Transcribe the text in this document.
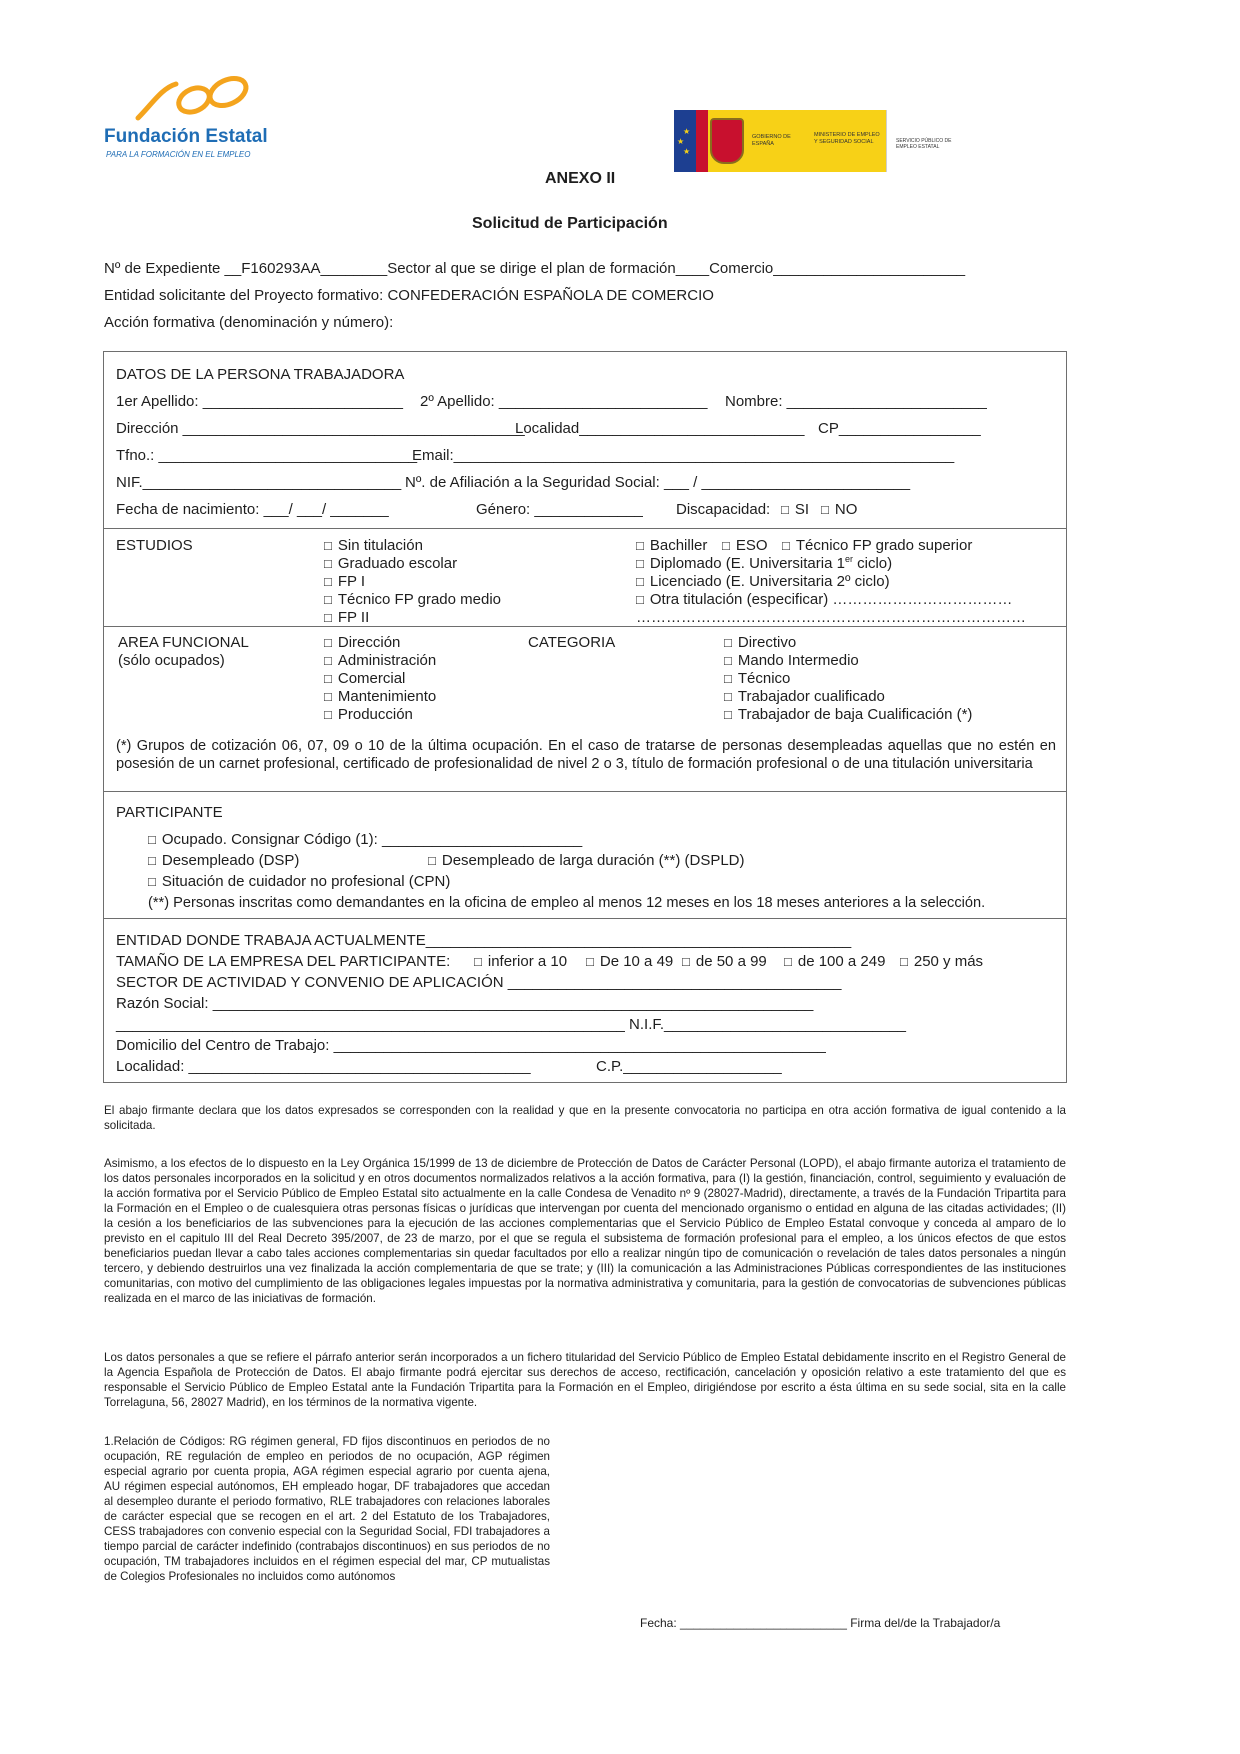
Fundación Estatal
PARA LA FORMACIÓN EN EL EMPLEO
★
★
★
GOBIERNO DE ESPAÑA
MINISTERIO DE EMPLEO Y SEGURIDAD SOCIAL	SERVICIO PÚBLICO DE EMPLEO ESTATAL
ANEXO II
Solicitud de Participación
Nº de Expediente __F160293AA________Sector al que se dirige el plan de formación____Comercio_______________________
Entidad solicitante del Proyecto formativo: CONFEDERACIÓN ESPAÑOLA DE COMERCIO
Acción formativa (denominación y número):
DATOS DE LA PERSONA TRABAJADORA
1er Apellido: ________________________ 2º Apellido: _________________________ Nombre: ________________________
Dirección _________________________________________
Localidad___________________________ CP_________________
Tfno.: _______________________________
Email:____________________________________________________________
NIF._______________________________ Nº. de Afiliación a la Seguridad Social: ___ / _________________________
Fecha de nacimiento: ___/ ___/ _______	Género: _____________ Discapacidad:	□ SI	□ NO
ESTUDIOS	□ Sin titulación
□ Graduado escolar
□ FP I
□ Técnico FP grado medio
□ FP II
□ Bachiller	□ ESO	□ Técnico FP grado superior
□ Diplomado (E. Universitaria 1er ciclo)
□ Licenciado (E. Universitaria 2º ciclo)
□ Otra titulación (especificar) ………………………………
……………………………………………………………………
AREA FUNCIONAL
(sólo ocupados)
□ Dirección
□ Administración
□ Comercial
□ Mantenimiento
□ Producción
CATEGORIA	□ Directivo
□ Mando Intermedio
□ Técnico
□ Trabajador cualificado
□ Trabajador de baja Cualificación (*)
(*) Grupos de cotización 06, 07, 09 o 10 de la última ocupación. En el caso de tratarse de personas desempleadas aquellas que no estén en posesión de un carnet profesional, certificado de profesionalidad de nivel 2 o 3, título de formación profesional o de una titulación universitaria
PARTICIPANTE
□ Ocupado. Consignar Código (1): ________________________
□ Desempleado (DSP)	□ Desempleado de larga duración (**) (DSPLD)
□ Situación de cuidador no profesional (CPN)
(**) Personas inscritas como demandantes en la oficina de empleo al menos 12 meses en los 18 meses anteriores a la selección.
ENTIDAD DONDE TRABAJA ACTUALMENTE___________________________________________________
TAMAÑO DE LA EMPRESA DEL PARTICIPANTE:	□ inferior a 10	□ De 10 a 49	□ de 50 a 99	□ de 100 a 249	□ 250 y más
SECTOR DE ACTIVIDAD Y CONVENIO DE APLICACIÓN ________________________________________
Razón Social: ________________________________________________________________________
_____________________________________________________________ N.I.F._____________________________
Domicilio del Centro de Trabajo: ___________________________________________________________
Localidad: _________________________________________	C.P.___________________
El abajo firmante declara que los datos expresados se corresponden con la realidad y que en la presente convocatoria no participa en otra acción formativa de igual contenido a la solicitada.
Asimismo, a los efectos de lo dispuesto en la Ley Orgánica 15/1999 de 13 de diciembre de Protección de Datos de Carácter Personal (LOPD), el abajo firmante autoriza el tratamiento de los datos personales incorporados en la solicitud y en otros documentos normalizados relativos a la acción formativa, para (I) la gestión, financiación, control, seguimiento y evaluación de la acción formativa por el Servicio Público de Empleo Estatal sito actualmente en la calle Condesa de Venadito nº 9 (28027-Madrid), directamente, a través de la Fundación Tripartita para la Formación en el Empleo o de cualesquiera otras personas físicas o jurídicas que intervengan por cuenta del mencionado organismo o entidad en alguna de las citadas actividades; (II) la cesión a los beneficiarios de las subvenciones para la ejecución de las acciones complementarias que el Servicio Público de Empleo Estatal convoque y conceda al amparo de lo previsto en el capitulo III del Real Decreto 395/2007, de 23 de marzo, por el que se regula el subsistema de formación profesional para el empleo, a los únicos efectos de que estos beneficiarios puedan llevar a cabo tales acciones complementarias sin quedar facultados por ello a realizar ningún tipo de comunicación o revelación de tales datos personales a ningún tercero, y debiendo destruirlos una vez finalizada la acción complementaria de que se trate; y (III) la comunicación a las Administraciones Públicas correspondientes de las instituciones comunitarias, con motivo del cumplimiento de las obligaciones legales impuestas por la normativa administrativa y comunitaria, para la gestión de convocatorias de subvenciones públicas realizada en el marco de las iniciativas de formación.
Los datos personales a que se refiere el párrafo anterior serán incorporados a un fichero titularidad del Servicio Público de Empleo Estatal debidamente inscrito en el Registro General de la Agencia Española de Protección de Datos. El abajo firmante podrá ejercitar sus derechos de acceso, rectificación, cancelación y oposición relativo a este tratamiento del que es responsable el Servicio Público de Empleo Estatal ante la Fundación Tripartita para la Formación en el Empleo, dirigiéndose por escrito a ésta última en su sede social, sita en la calle Torrelaguna, 56, 28027 Madrid), en los términos de la normativa vigente.
1.Relación de Códigos: RG régimen general, FD fijos discontinuos en periodos de no ocupación, RE regulación de empleo en periodos de no ocupación, AGP régimen especial agrario por cuenta propia, AGA régimen especial agrario por cuenta ajena, AU régimen especial autónomos, EH empleado hogar, DF trabajadores que accedan al desempleo durante el periodo formativo, RLE trabajadores con relaciones laborales de carácter especial que se recogen en el art. 2 del Estatuto de los Trabajadores, CESS trabajadores con convenio especial con la Seguridad Social, FDI trabajadores a tiempo parcial de carácter indefinido (contrabajos discontinuos) en sus periodos de no ocupación, TM trabajadores incluidos en el régimen especial del mar, CP mutualistas de Colegios Profesionales no incluidos como autónomos
Fecha: _________________________ Firma del/de la Trabajador/a
